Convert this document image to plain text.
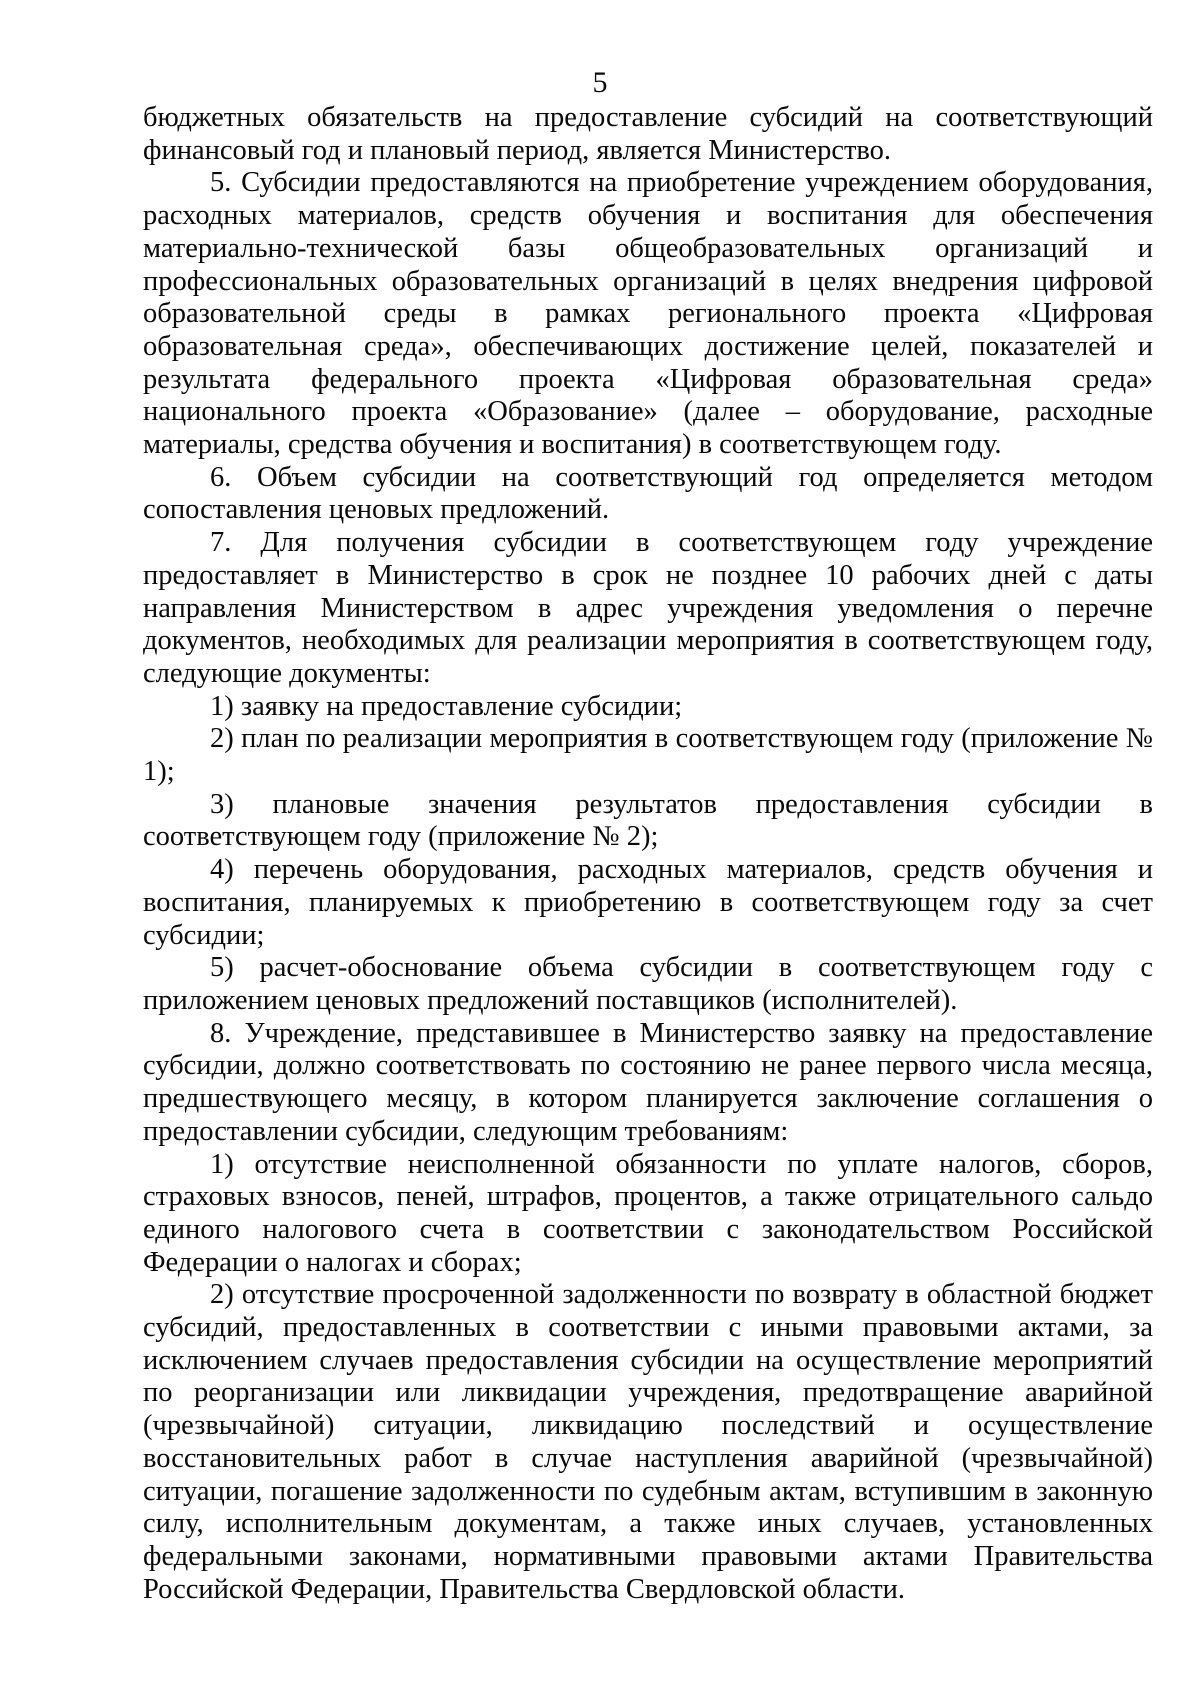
5

бюджетных обязательств на предоставление субсидий на соответствующий финансовый год и плановый период, является Министерство.

5. Субсидии предоставляются на приобретение учреждением оборудования, расходных материалов, средств обучения и воспитания для обеспечения материально-технической базы общеобразовательных организаций и профессиональных образовательных организаций в целях внедрения цифровой образовательной среды в рамках регионального проекта «Цифровая образовательная среда», обеспечивающих достижение целей, показателей и результата федерального проекта «Цифровая образовательная среда» национального проекта «Образование» (далее – оборудование, расходные материалы, средства обучения и воспитания) в соответствующем году.

6. Объем субсидии на соответствующий год определяется методом сопоставления ценовых предложений.

7. Для получения субсидии в соответствующем году учреждение предоставляет в Министерство в срок не позднее 10 рабочих дней с даты направления Министерством в адрес учреждения уведомления о перечне документов, необходимых для реализации мероприятия в соответствующем году, следующие документы:

1) заявку на предоставление субсидии;

2) план по реализации мероприятия в соответствующем году (приложение № 1);

3) плановые значения результатов предоставления субсидии в соответствующем году (приложение № 2);

4) перечень оборудования, расходных материалов, средств обучения и воспитания, планируемых к приобретению в соответствующем году за счет субсидии;

5) расчет-обоснование объема субсидии в соответствующем году с приложением ценовых предложений поставщиков (исполнителей).

8. Учреждение, представившее в Министерство заявку на предоставление субсидии, должно соответствовать по состоянию не ранее первого числа месяца, предшествующего месяцу, в котором планируется заключение соглашения о предоставлении субсидии, следующим требованиям:

1) отсутствие неисполненной обязанности по уплате налогов, сборов, страховых взносов, пеней, штрафов, процентов, а также отрицательного сальдо единого налогового счета в соответствии с законодательством Российской Федерации о налогах и сборах;

2) отсутствие просроченной задолженности по возврату в областной бюджет субсидий, предоставленных в соответствии с иными правовыми актами, за исключением случаев предоставления субсидии на осуществление мероприятий по реорганизации или ликвидации учреждения, предотвращение аварийной (чрезвычайной) ситуации, ликвидацию последствий и осуществление восстановительных работ в случае наступления аварийной (чрезвычайной) ситуации, погашение задолженности по судебным актам, вступившим в законную силу, исполнительным документам, а также иных случаев, установленных федеральными законами, нормативными правовыми актами Правительства Российской Федерации, Правительства Свердловской области.
